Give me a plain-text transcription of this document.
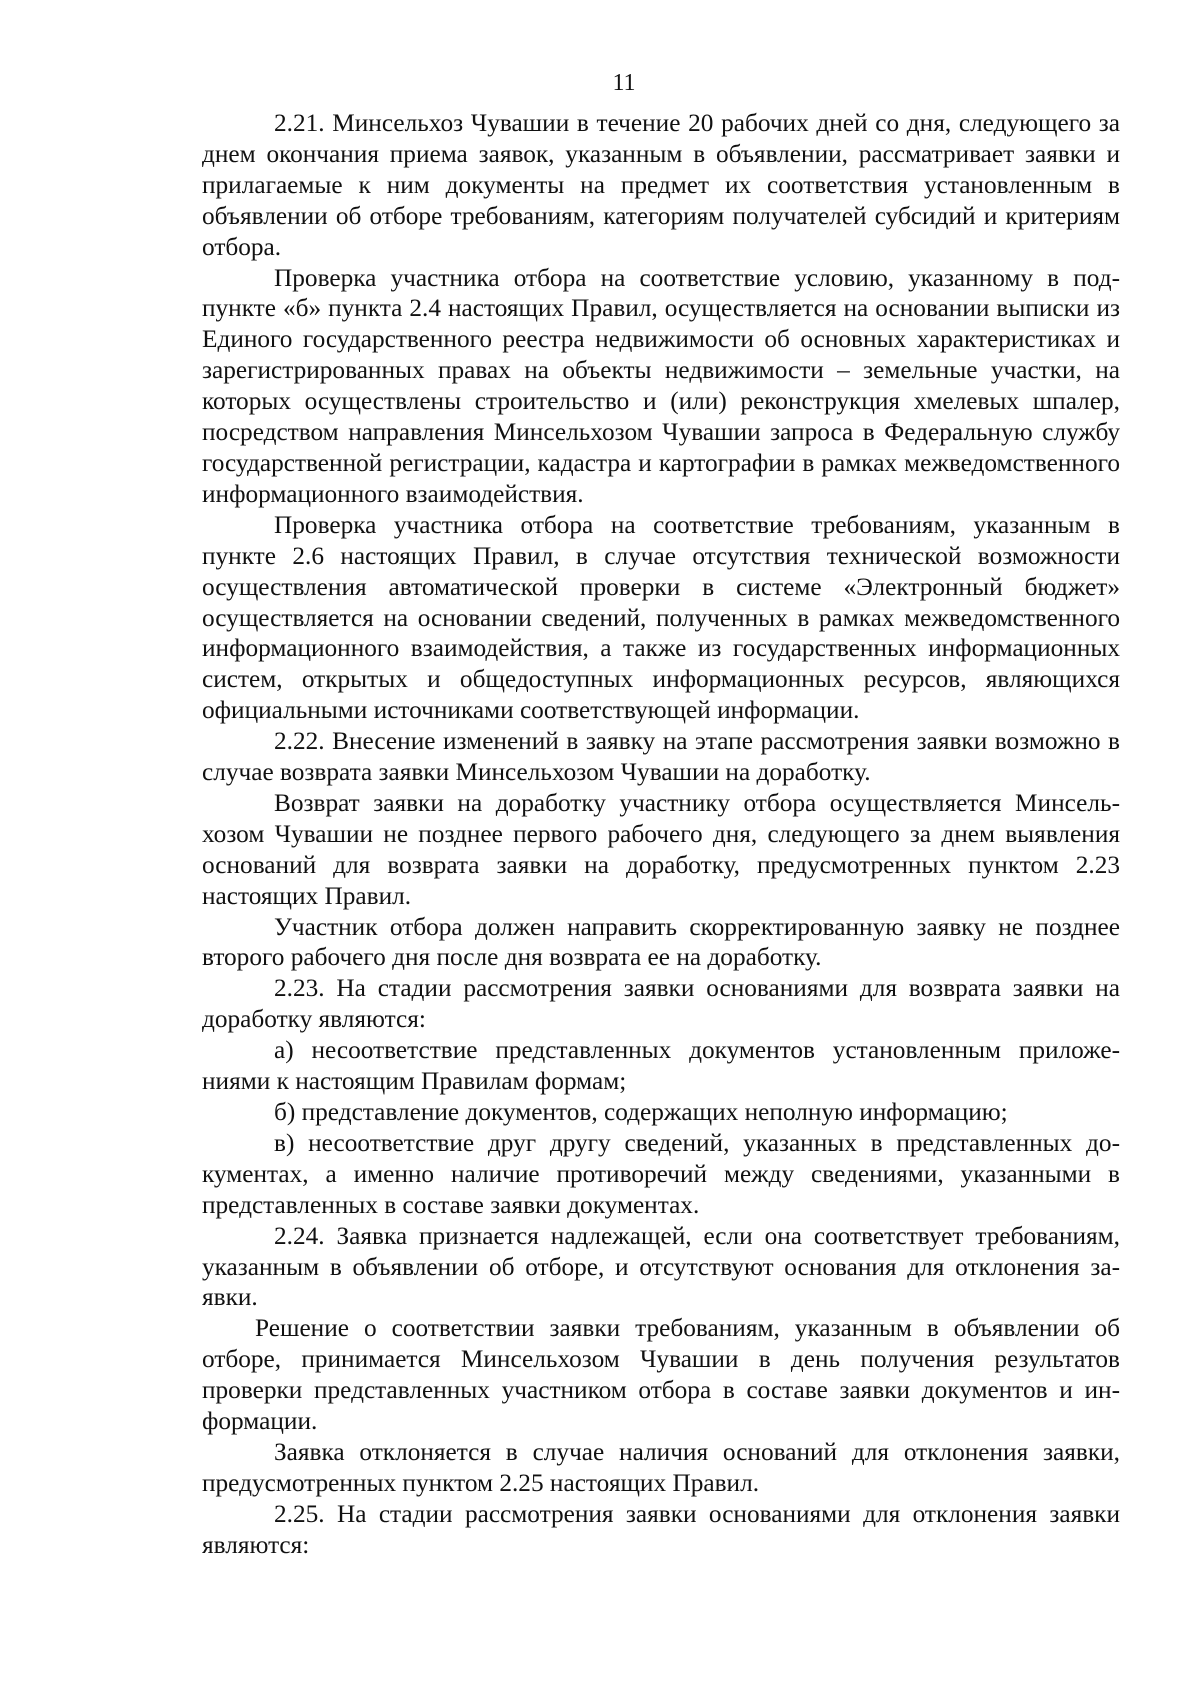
11

2.21. Минсельхоз Чувашии в течение 20 рабочих дней со дня, следующего за днем окончания приема заявок, указанным в объявлении, рассматривает заявки и прилагаемые к ним документы на предмет их соответствия установленным в объявлении об отборе требованиям, категориям получателей субсидий и критериям отбора.

Проверка участника отбора на соответствие условию, указанному в подпункте «б» пункта 2.4 настоящих Правил, осуществляется на основании выписки из Единого государственного реестра недвижимости об основных характеристиках и зарегистрированных правах на объекты недвижимости – земельные участки, на которых осуществлены строительство и (или) реконструкция хмелевых шпалер, посредством направления Минсельхозом Чувашии запроса в Федеральную службу государственной регистрации, кадастра и картографии в рамках межведомственного информационного взаимодействия.

Проверка участника отбора на соответствие требованиям, указанным в пункте 2.6 настоящих Правил, в случае отсутствия технической возможности осуществления автоматической проверки в системе «Электронный бюджет» осуществляется на основании сведений, полученных в рамках межведомственного информационного взаимодействия, а также из государственных информационных систем, открытых и общедоступных информационных ресурсов, являющихся официальными источниками соответствующей информации.

2.22. Внесение изменений в заявку на этапе рассмотрения заявки возможно в случае возврата заявки Минсельхозом Чувашии на доработку.

Возврат заявки на доработку участнику отбора осуществляется Минсельхозом Чувашии не позднее первого рабочего дня, следующего за днем выявления оснований для возврата заявки на доработку, предусмотренных пунктом 2.23 настоящих Правил.

Участник отбора должен направить скорректированную заявку не позднее второго рабочего дня после дня возврата ее на доработку.

2.23. На стадии рассмотрения заявки основаниями для возврата заявки на доработку являются:

а) несоответствие представленных документов установленным приложениями к настоящим Правилам формам;

б) представление документов, содержащих неполную информацию;

в) несоответствие друг другу сведений, указанных в представленных документах, а именно наличие противоречий между сведениями, указанными в представленных в составе заявки документах.

2.24. Заявка признается надлежащей, если она соответствует требованиям, указанным в объявлении об отборе, и отсутствуют основания для отклонения заявки.

Решение о соответствии заявки требованиям, указанным в объявлении об отборе, принимается Минсельхозом Чувашии в день получения результатов проверки представленных участником отбора в составе заявки документов и информации.

Заявка отклоняется в случае наличия оснований для отклонения заявки, предусмотренных пунктом 2.25 настоящих Правил.

2.25. На стадии рассмотрения заявки основаниями для отклонения заявки являются:
